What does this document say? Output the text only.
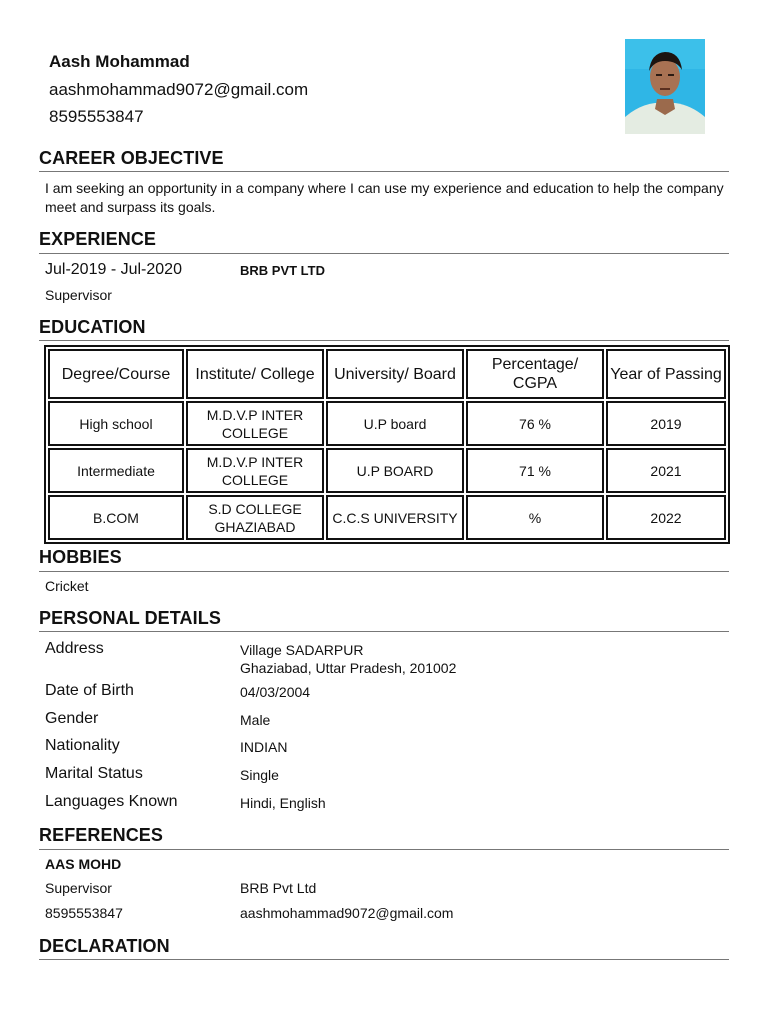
Aash Mohammad
aashmohammad9072@gmail.com
8595553847
CAREER OBJECTIVE
I am seeking an opportunity in a company where I can use my experience and education to help the company meet and surpass its goals.
EXPERIENCE
Jul-2019 - Jul-2020	BRB PVT LTD
Supervisor
EDUCATION
Degree/Course	Institute/ College	University/ Board	Percentage/ CGPA	Year of Passing
High school	M.D.V.P INTER COLLEGE	U.P board	76 %	2019
Intermediate	M.D.V.P INTER COLLEGE	U.P BOARD	71 %	2021
B.COM	S.D COLLEGE GHAZIABAD	C.C.S UNIVERSITY	%	2022
HOBBIES
Cricket
PERSONAL DETAILS
Address	Village SADARPUR
Ghaziabad, Uttar Pradesh, 201002
Date of Birth	04/03/2004
Gender	Male
Nationality	INDIAN
Marital Status	Single
Languages Known	Hindi, English
REFERENCES
AAS MOHD
Supervisor	BRB Pvt Ltd
8595553847	aashmohammad9072@gmail.com
DECLARATION
